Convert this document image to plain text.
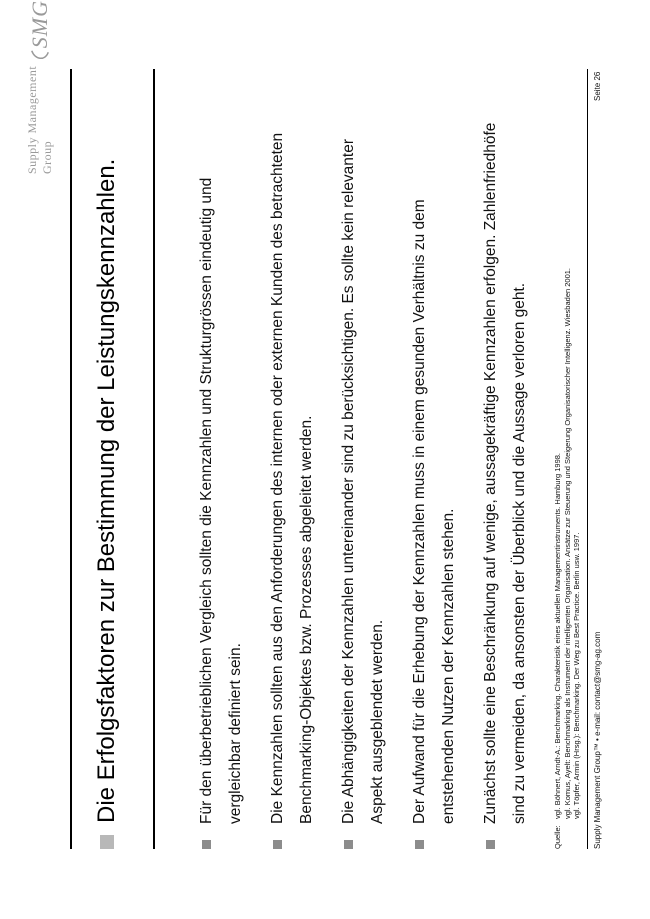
Supply Management Group
SMG
Die Erfolgsfaktoren zur Bestimmung der Leistungskennzahlen.	Für den überbetrieblichen Vergleich sollten die Kennzahlen und Strukturgrössen eindeutig und vergleichbar definiert sein.	Die Kennzahlen sollten aus den Anforderungen des internen oder externen Kunden des betrachteten Benchmarking-Objektes bzw. Prozesses abgeleitet werden.	Die Abhängigkeiten der Kennzahlen untereinander sind zu berücksichtigen. Es sollte kein relevanter Aspekt ausgeblendet werden.	Der Aufwand für die Erhebung der Kennzahlen muss in einem gesunden Verhältnis zu dem entstehenden Nutzen der Kennzahlen stehen.	Zunächst sollte eine Beschränkung auf wenige, aussagekräftige Kennzahlen erfolgen. Zahlenfriedhöfe sind zu vermeiden, da ansonsten der Überblick und die Aussage verloren geht.
Quelle:
vgl. Böhnert, Arndt-A.: Benchmarking. Charakteristik eines aktuellen Managementinstruments. Hamburg 1998. vgl. Komus, Ayelt: Benchmarking als Instrument der intelligenten Organisation. Ansätze zur Steuerung und Steigerung Organisatorischer Intelligenz. Wiesbaden 2001. vgl. Töpfer, Armin (Hrsg.): Benchmarking. Der Weg zu Best Practice. Berlin usw. 1997. Supply Management Group™ • e-mail: contact@smg-ag.com
Seite 26
